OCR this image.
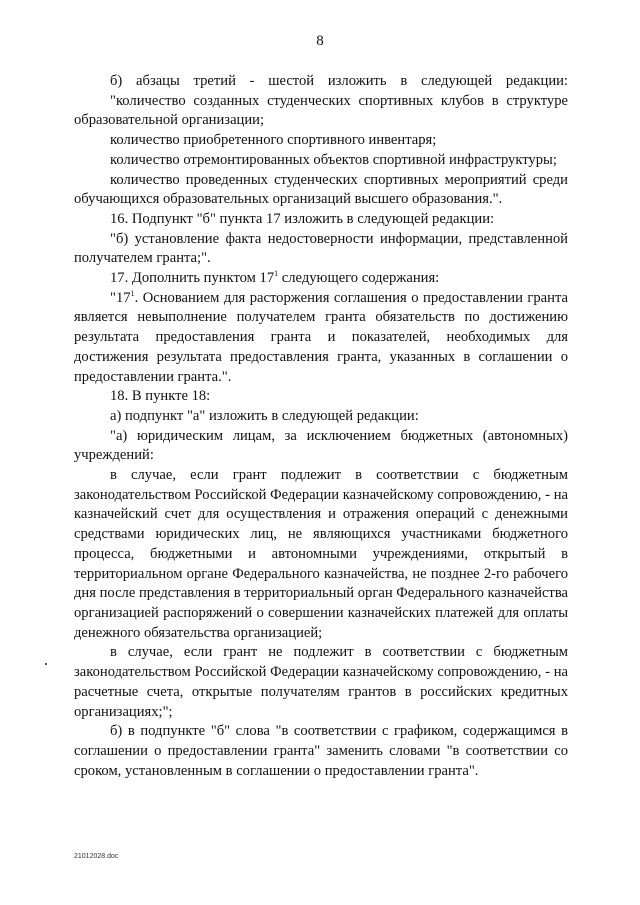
8

б) абзацы третий - шестой изложить в следующей редакции:

"количество созданных студенческих спортивных клубов в структуре образовательной организации;

количество приобретенного спортивного инвентаря;

количество отремонтированных объектов спортивной инфраструктуры;

количество проведенных студенческих спортивных мероприятий среди обучающихся образовательных организаций высшего образования.".

16. Подпункт "б" пункта 17 изложить в следующей редакции:

"б) установление факта недостоверности информации, представленной получателем гранта;".

17. Дополнить пунктом $17^1$ следующего содержания:

"$17^1$. Основанием для расторжения соглашения о предоставлении гранта является невыполнение получателем гранта обязательств по достижению результата предоставления гранта и показателей, необходимых для достижения результата предоставления гранта, указанных в соглашении о предоставлении гранта.".

18. В пункте 18:

а) подпункт "а" изложить в следующей редакции:

"а) юридическим лицам, за исключением бюджетных (автономных) учреждений:

в случае, если грант подлежит в соответствии с бюджетным законодательством Российской Федерации казначейскому сопровождению, - на казначейский счет для осуществления и отражения операций с денежными средствами юридических лиц, не являющихся участниками бюджетного процесса, бюджетными и автономными учреждениями, открытый в территориальном органе Федерального казначейства, не позднее 2-го рабочего дня после представления в территориальный орган Федерального казначейства организацией распоряжений о совершении казначейских платежей для оплаты денежного обязательства организацией;

в случае, если грант не подлежит в соответствии с бюджетным законодательством Российской Федерации казначейскому сопровождению, - на расчетные счета, открытые получателям грантов в российских кредитных организациях;";

б) в подпункте "б" слова "в соответствии с графиком, содержащимся в соглашении о предоставлении гранта" заменить словами "в соответствии со сроком, установленным в соглашении о предоставлении гранта".

21012028.doc
